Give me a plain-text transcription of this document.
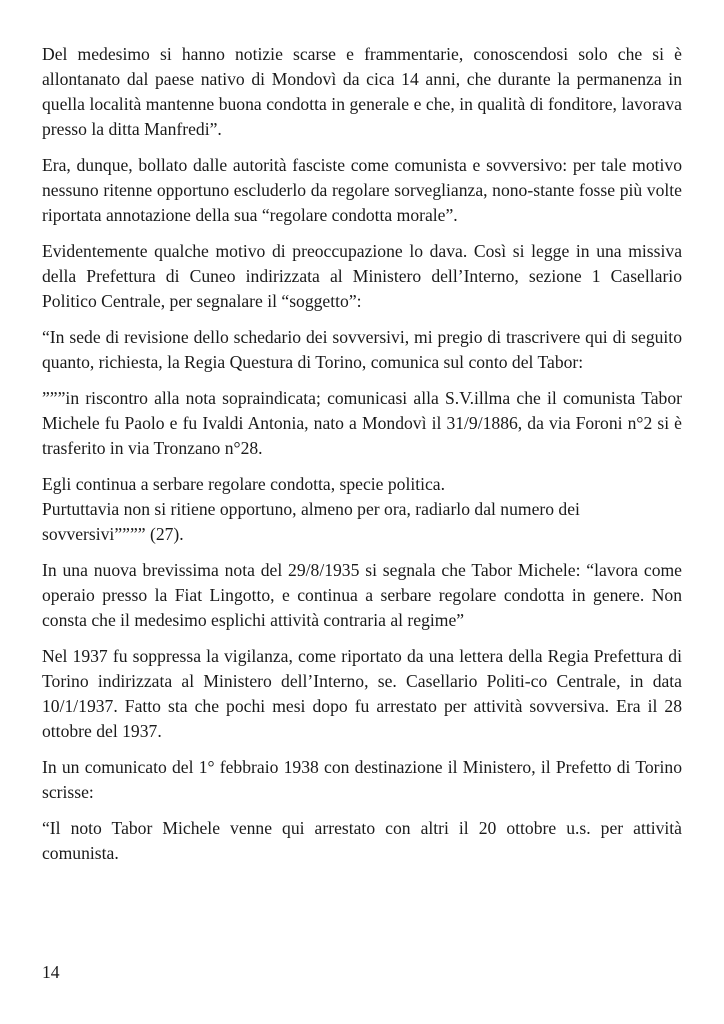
Del medesimo si hanno notizie scarse e frammentarie, conoscendosi solo che si è allontanato dal paese nativo di Mondovì da cica 14 anni, che durante la permanenza in quella località mantenne buona condotta in generale e che, in qualità di fonditore, lavorava presso la ditta Manfredi”.

Era, dunque, bollato dalle autorità fasciste come comunista e sovversivo: per tale motivo nessuno ritenne opportuno escluderlo da regolare sorveglianza, nono-stante fosse più volte riportata annotazione della sua “regolare condotta morale”.

Evidentemente qualche motivo di preoccupazione lo dava. Così si legge in una missiva della Prefettura di Cuneo indirizzata al Ministero dell’Interno, sezione 1 Casellario Politico Centrale, per segnalare il “soggetto”:

“In sede di revisione dello schedario dei sovversivi, mi pregio di trascrivere qui di seguito quanto, richiesta, la Regia Questura di Torino, comunica sul conto del Tabor:

”””in riscontro alla nota sopraindicata; comunicasi alla S.V.illma che il comunista Tabor Michele fu Paolo e fu Ivaldi Antonia, nato a Mondovì il 31/9/1886, da via Foroni n°2 si è trasferito in via Tronzano n°28.

Egli continua a serbare regolare condotta, specie politica.
Purtuttavia non si ritiene opportuno, almeno per ora, radiarlo dal numero dei sovversivi”””” (27).

In una nuova brevissima nota del 29/8/1935 si segnala che Tabor Michele: “lavora come operaio presso la Fiat Lingotto, e continua a serbare regolare condotta in genere. Non consta che il medesimo esplichi attività contraria al regime”

Nel 1937 fu soppressa la vigilanza, come riportato da una lettera della Regia Prefettura di Torino indirizzata al Ministero dell’Interno, se. Casellario Politi-co Centrale, in data 10/1/1937. Fatto sta che pochi mesi dopo fu arrestato per attività sovversiva. Era il 28 ottobre del 1937.

In un comunicato del 1° febbraio 1938 con destinazione il Ministero, il Prefetto di Torino scrisse:

“Il noto Tabor Michele venne qui arrestato con altri il 20 ottobre u.s. per attività comunista.

14
